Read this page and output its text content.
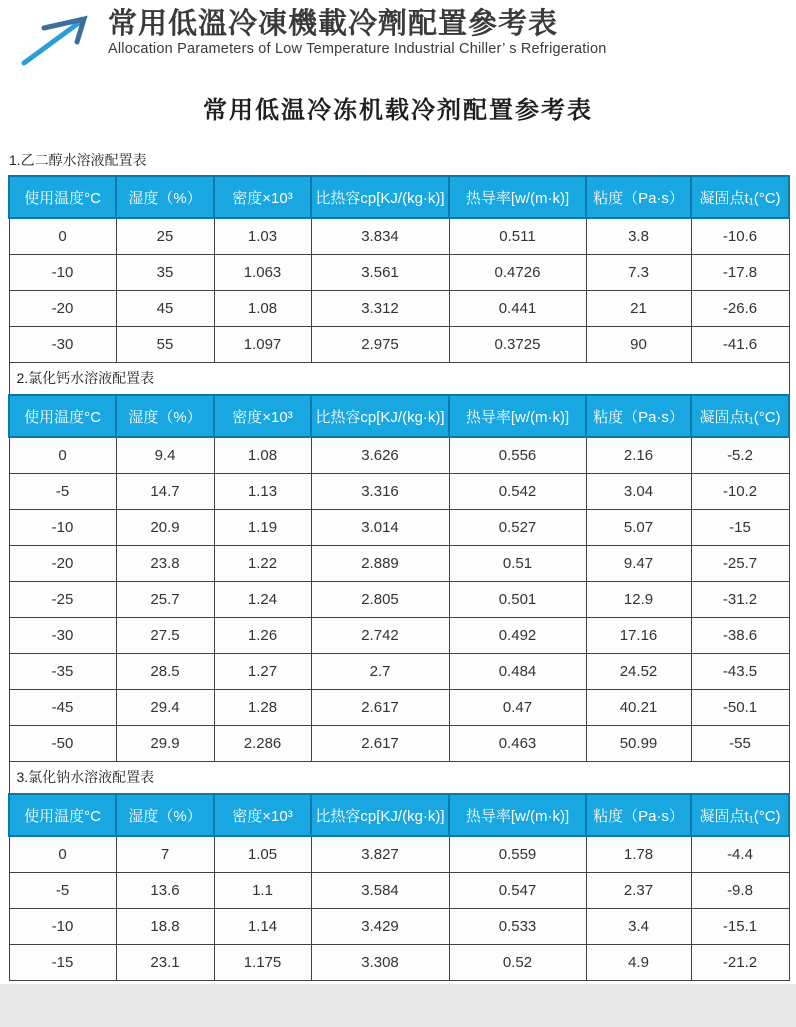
常用低溫冷凍機載冷劑配置參考表
Allocation Parameters of Low Temperature Industrial Chiller’ s Refrigeration
常用低温冷冻机载冷剂配置参考表
1.乙二醇水溶液配置表
使用温度°C	湿度（%）	密度×10³	比热容cp[KJ/(kg·k)]	热导率[w/(m·k)]	粘度（Pa·s）	凝固点t₁(°C)
0	25	1.03	3.834	0.511	3.8	-10.6
-10	35	1.063	3.561	0.4726	7.3	-17.8
-20	45	1.08	3.312	0.441	21	-26.6
-30	55	1.097	2.975	0.3725	90	-41.6
2.氯化钙水溶液配置表						
使用温度°C	湿度（%）	密度×10³	比热容cp[KJ/(kg·k)]	热导率[w/(m·k)]	粘度（Pa·s）	凝固点t₁(°C)
0	9.4	1.08	3.626	0.556	2.16	-5.2
-5	14.7	1.13	3.316	0.542	3.04	-10.2
-10	20.9	1.19	3.014	0.527	5.07	-15
-20	23.8	1.22	2.889	0.51	9.47	-25.7
-25	25.7	1.24	2.805	0.501	12.9	-31.2
-30	27.5	1.26	2.742	0.492	17.16	-38.6
-35	28.5	1.27	2.7	0.484	24.52	-43.5
-45	29.4	1.28	2.617	0.47	40.21	-50.1
-50	29.9	2.286	2.617	0.463	50.99	-55
3.氯化钠水溶液配置表						
使用温度°C	湿度（%）	密度×10³	比热容cp[KJ/(kg·k)]	热导率[w/(m·k)]	粘度（Pa·s）	凝固点t₁(°C)
0	7	1.05	3.827	0.559	1.78	-4.4
-5	13.6	1.1	3.584	0.547	2.37	-9.8
-10	18.8	1.14	3.429	0.533	3.4	-15.1
-15	23.1	1.175	3.308	0.52	4.9	-21.2
